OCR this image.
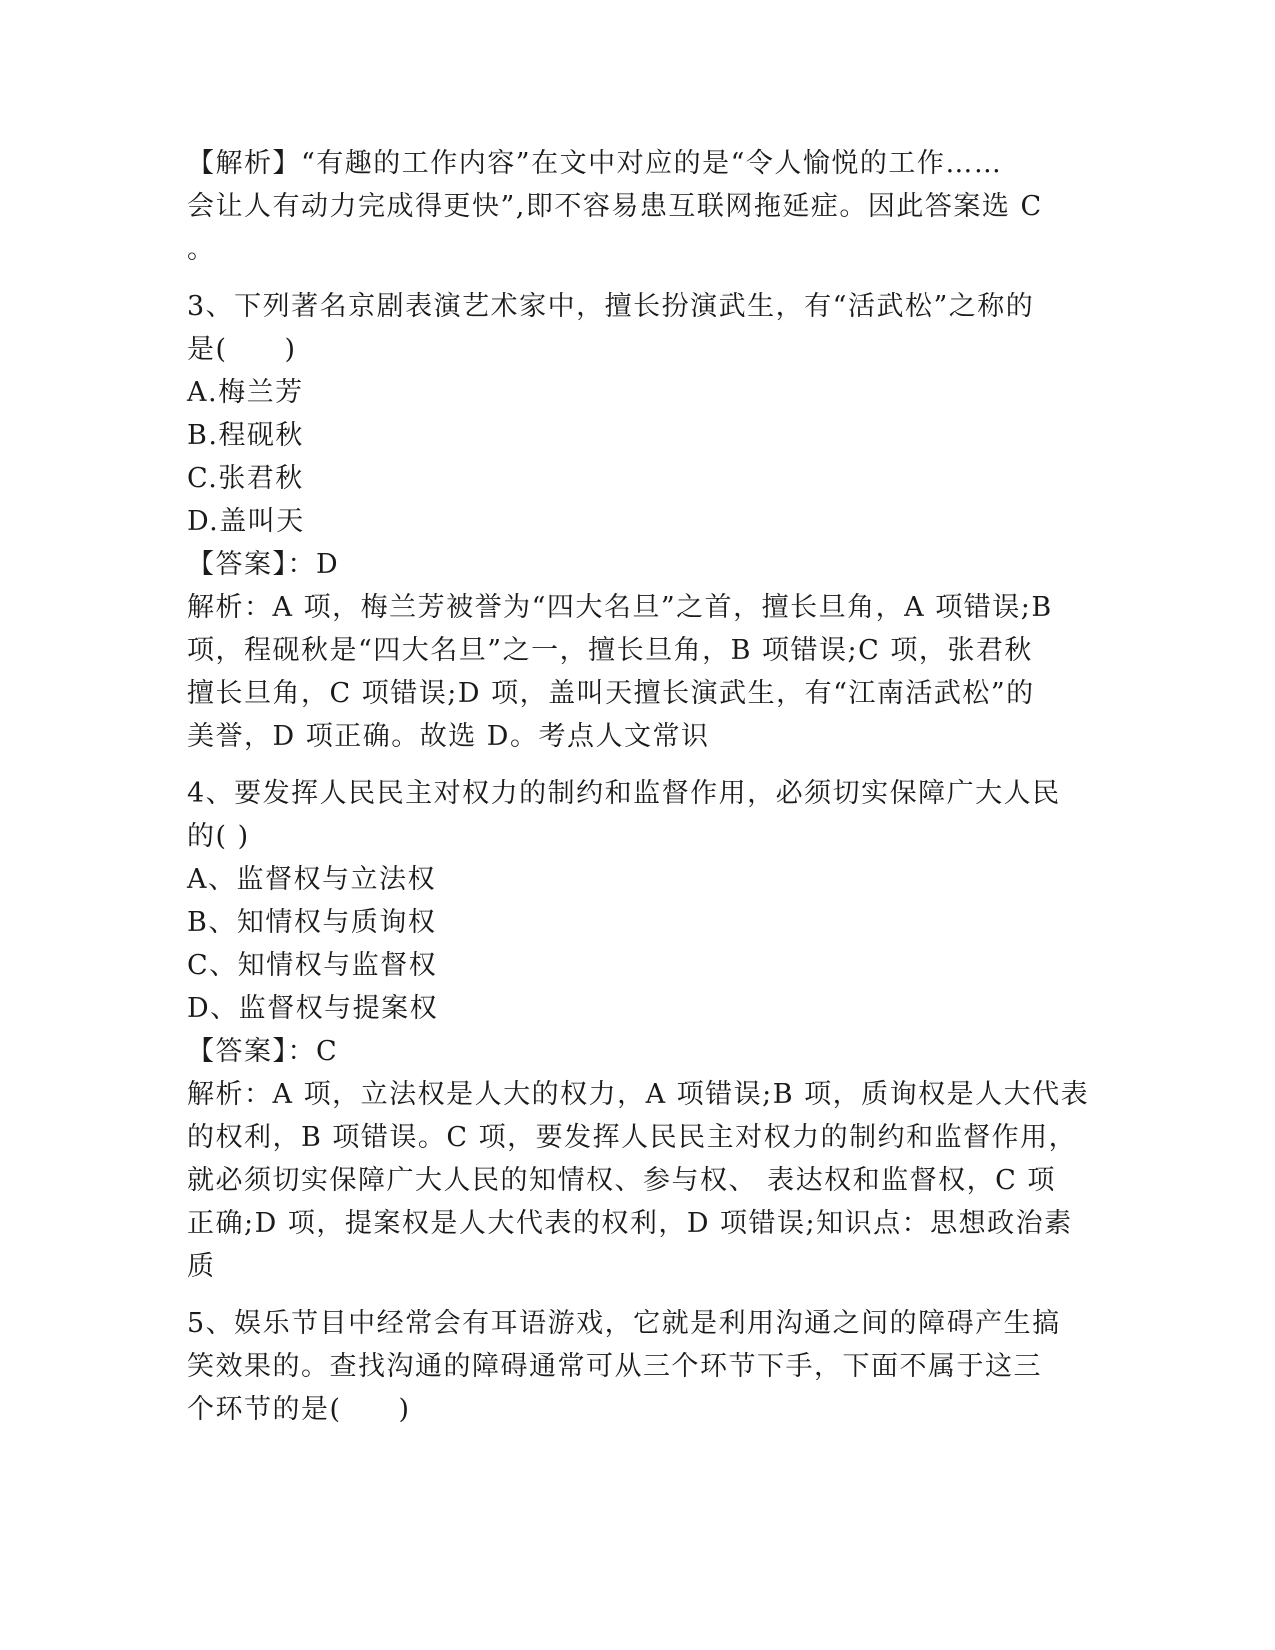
【解析】“有趣的工作内容”在文中对应的是“令人愉悦的工作……
会让人有动力完成得更快”,即不容易患互联网拖延症。因此答案选 C
。
3、下列著名京剧表演艺术家中，擅长扮演武生，有“活武松”之称的
是(　　)
A.梅兰芳
B.程砚秋
C.张君秋
D.盖叫天
【答案】：D
解析：A 项，梅兰芳被誉为“四大名旦”之首，擅长旦角，A 项错误;B
项，程砚秋是“四大名旦”之一，擅长旦角，B 项错误;C 项，张君秋
擅长旦角，C 项错误;D 项，盖叫天擅长演武生，有“江南活武松”的
美誉，D 项正确。故选 D。考点人文常识
4、要发挥人民民主对权力的制约和监督作用，必须切实保障广大人民
的( )
A、监督权与立法权
B、知情权与质询权
C、知情权与监督权
D、监督权与提案权
【答案】：C
解析：A 项，立法权是人大的权力，A 项错误;B 项，质询权是人大代表
的权利，B 项错误。C 项，要发挥人民民主对权力的制约和监督作用，
就必须切实保障广大人民的知情权、参与权、 表达权和监督权，C 项
正确;D 项，提案权是人大代表的权利，D 项错误;知识点：思想政治素
质
5、娱乐节目中经常会有耳语游戏，它就是利用沟通之间的障碍产生搞
笑效果的。查找沟通的障碍通常可从三个环节下手，下面不属于这三
个环节的是(　　)
